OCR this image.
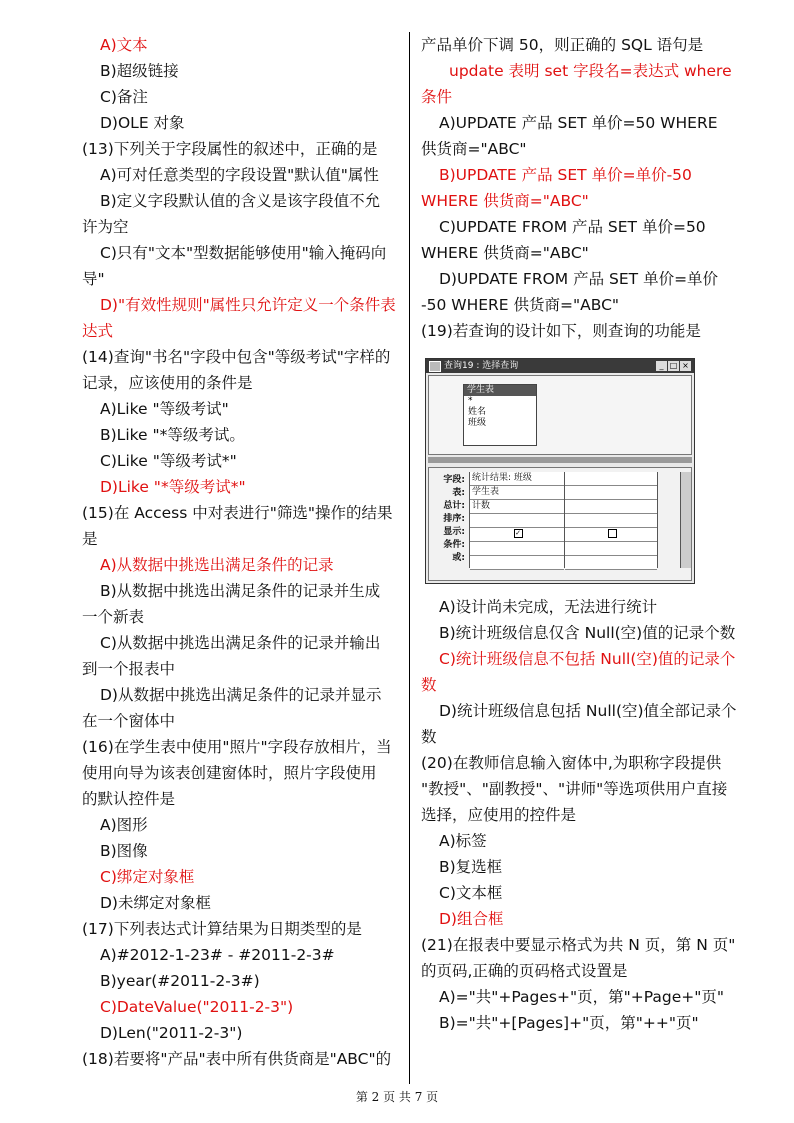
A)文本
B)超级链接
C)备注
D)OLE 对象
(13)下列关于字段属性的叙述中，正确的是
A)可对任意类型的字段设置"默认值"属性
B)定义字段默认值的含义是该字段值不允
许为空
C)只有"文本"型数据能够使用"输入掩码向
导"
D)"有效性规则"属性只允许定义一个条件表
达式
(14)查询"书名"字段中包含"等级考试"字样的
记录，应该使用的条件是
A)Like "等级考试"
B)Like "*等级考试。
C)Like "等级考试*"
D)Like "*等级考试*"
(15)在 Access 中对表进行"筛选"操作的结果
是
A)从数据中挑选出满足条件的记录
B)从数据中挑选出满足条件的记录并生成
一个新表
C)从数据中挑选出满足条件的记录并输出
到一个报表中
D)从数据中挑选出满足条件的记录并显示
在一个窗体中
(16)在学生表中使用"照片"字段存放相片，当
使用向导为该表创建窗体时，照片字段使用
的默认控件是
A)图形
B)图像
C)绑定对象框
D)未绑定对象框
(17)下列表达式计算结果为日期类型的是
A)#2012-1-23# - #2011-2-3#
B)year(#2011-2-3#)
C)DateValue("2011-2-3")
D)Len("2011-2-3")
(18)若要将"产品"表中所有供货商是"ABC"的
产品单价下调 50，则正确的 SQL 语句是
update 表明 set 字段名=表达式 where
条件
A)UPDATE 产品 SET 单价=50 WHERE
供货商="ABC"
B)UPDATE 产品 SET 单价=单价-50
WHERE 供货商="ABC"
C)UPDATE FROM 产品 SET 单价=50
WHERE 供货商="ABC"
D)UPDATE FROM 产品 SET 单价=单价
-50 WHERE 供货商="ABC"
(19)若查询的设计如下，则查询的功能是
查询19 : 选择查询	_ □ ×
学生表
*
姓名
班级
字段:
表:
总计:
排序:
显示:
条件:
或:
统计结果: 班级
学生表
计数
✓
A)设计尚未完成，无法进行统计
B)统计班级信息仅含 Null(空)值的记录个数
C)统计班级信息不包括 Null(空)值的记录个
数
D)统计班级信息包括 Null(空)值全部记录个
数
(20)在教师信息输入窗体中,为职称字段提供
"教授"、"副教授"、"讲师"等选项供用户直接
选择，应使用的控件是
A)标签
B)复选框
C)文本框
D)组合框
(21)在报表中要显示格式为共 N 页，第 N 页"
的页码,正确的页码格式设置是
A)="共"+Pages+"页，第"+Page+"页"
B)="共"+[Pages]+"页，第"++"页"
第 2 页 共 7 页
